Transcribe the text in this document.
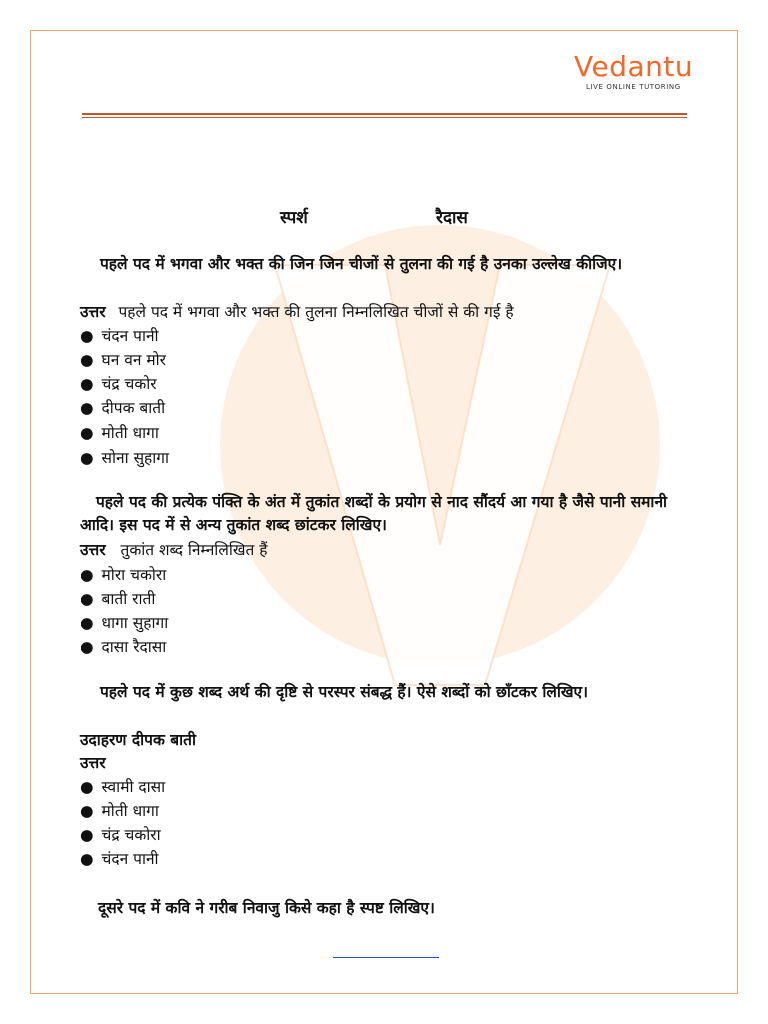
Vedantu
LIVE ONLINE TUTORING
स्पर्श	रैदास
पहले पद में भगवा और भक्त की जिन जिन चीजों से तुलना की गई है उनका उल्लेख कीजिए।
उत्तर पहले पद में भगवा और भक्त की तुलना निम्नलिखित चीजों से की गई है
● चंदन पानी
● घन वन मोर
● चंद्र चकोर
● दीपक बाती
● मोती धागा
● सोना सुहागा
पहले पद की प्रत्येक पंक्ति के अंत में तुकांत शब्दों के प्रयोग से नाद सौंदर्य आ गया है जैसे पानी समानी आदि। इस पद में से अन्य तुकांत शब्द छांटकर लिखिए।
उत्तर तुकांत शब्द निम्नलिखित हैं
● मोरा चकोरा
● बाती राती
● धागा सुहागा
● दासा रैदासा
पहले पद में कुछ शब्द अर्थ की दृष्टि से परस्पर संबद्ध हैं। ऐसे शब्दों को छाँटकर लिखिए।
उदाहरण दीपक बाती
उत्तर
● स्वामी दासा
● मोती धागा
● चंद्र चकोरा
● चंदन पानी
दूसरे पद में कवि ने गरीब निवाजु किसे कहा है स्पष्ट लिखिए।
